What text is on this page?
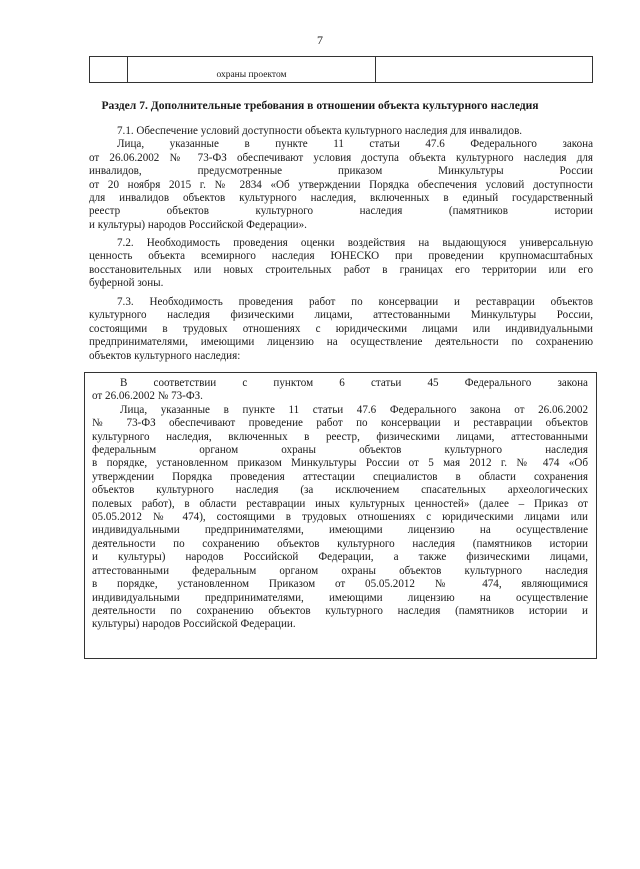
7
	охраны проектом	
Раздел 7. Дополнительные требования в отношении объекта культурного наследия
7.1. Обеспечение условий доступности объекта культурного наследия для инвалидов.
Лица, указанные в пункте 11 статьи 47.6 Федерального закона
от 26.06.2002 № 73-ФЗ обеспечивают условия доступа объекта культурного наследия для
инвалидов, предусмотренные приказом Минкультуры России
от 20 ноября 2015 г. № 2834 «Об утверждении Порядка обеспечения условий доступности
для инвалидов объектов культурного наследия, включенных в единый государственный
реестр объектов культурного наследия (памятников истории
и культуры) народов Российской Федерации».
7.2. Необходимость проведения оценки воздействия на выдающуюся универсальную
ценность объекта всемирного наследия ЮНЕСКО при проведении крупномасштабных
восстановительных или новых строительных работ в границах его территории или его
буферной зоны.
7.3. Необходимость проведения работ по консервации и реставрации объектов
культурного наследия физическими лицами, аттестованными Минкультуры России,
состоящими в трудовых отношениях с юридическими лицами или индивидуальными
предпринимателями, имеющими лицензию на осуществление деятельности по сохранению
объектов культурного наследия:
В соответствии с пунктом 6 статьи 45 Федерального закона
от 26.06.2002 № 73-ФЗ.
Лица, указанные в пункте 11 статьи 47.6 Федерального закона от 26.06.2002
№ 73-ФЗ обеспечивают проведение работ по консервации и реставрации объектов
культурного наследия, включенных в реестр, физическими лицами, аттестованными
федеральным органом охраны объектов культурного наследия
в порядке, установленном приказом Минкультуры России от 5 мая 2012 г. № 474 «Об
утверждении Порядка проведения аттестации специалистов в области сохранения
объектов культурного наследия (за исключением спасательных археологических
полевых работ), в области реставрации иных культурных ценностей» (далее – Приказ от
05.05.2012 № 474), состоящими в трудовых отношениях с юридическими лицами или
индивидуальными предпринимателями, имеющими лицензию на осуществление
деятельности по сохранению объектов культурного наследия (памятников истории
и культуры) народов Российской Федерации, а также физическими лицами,
аттестованными федеральным органом охраны объектов культурного наследия
в порядке, установленном Приказом от 05.05.2012 № 474, являющимися
индивидуальными предпринимателями, имеющими лицензию на осуществление
деятельности по сохранению объектов культурного наследия (памятников истории и
культуры) народов Российской Федерации.
